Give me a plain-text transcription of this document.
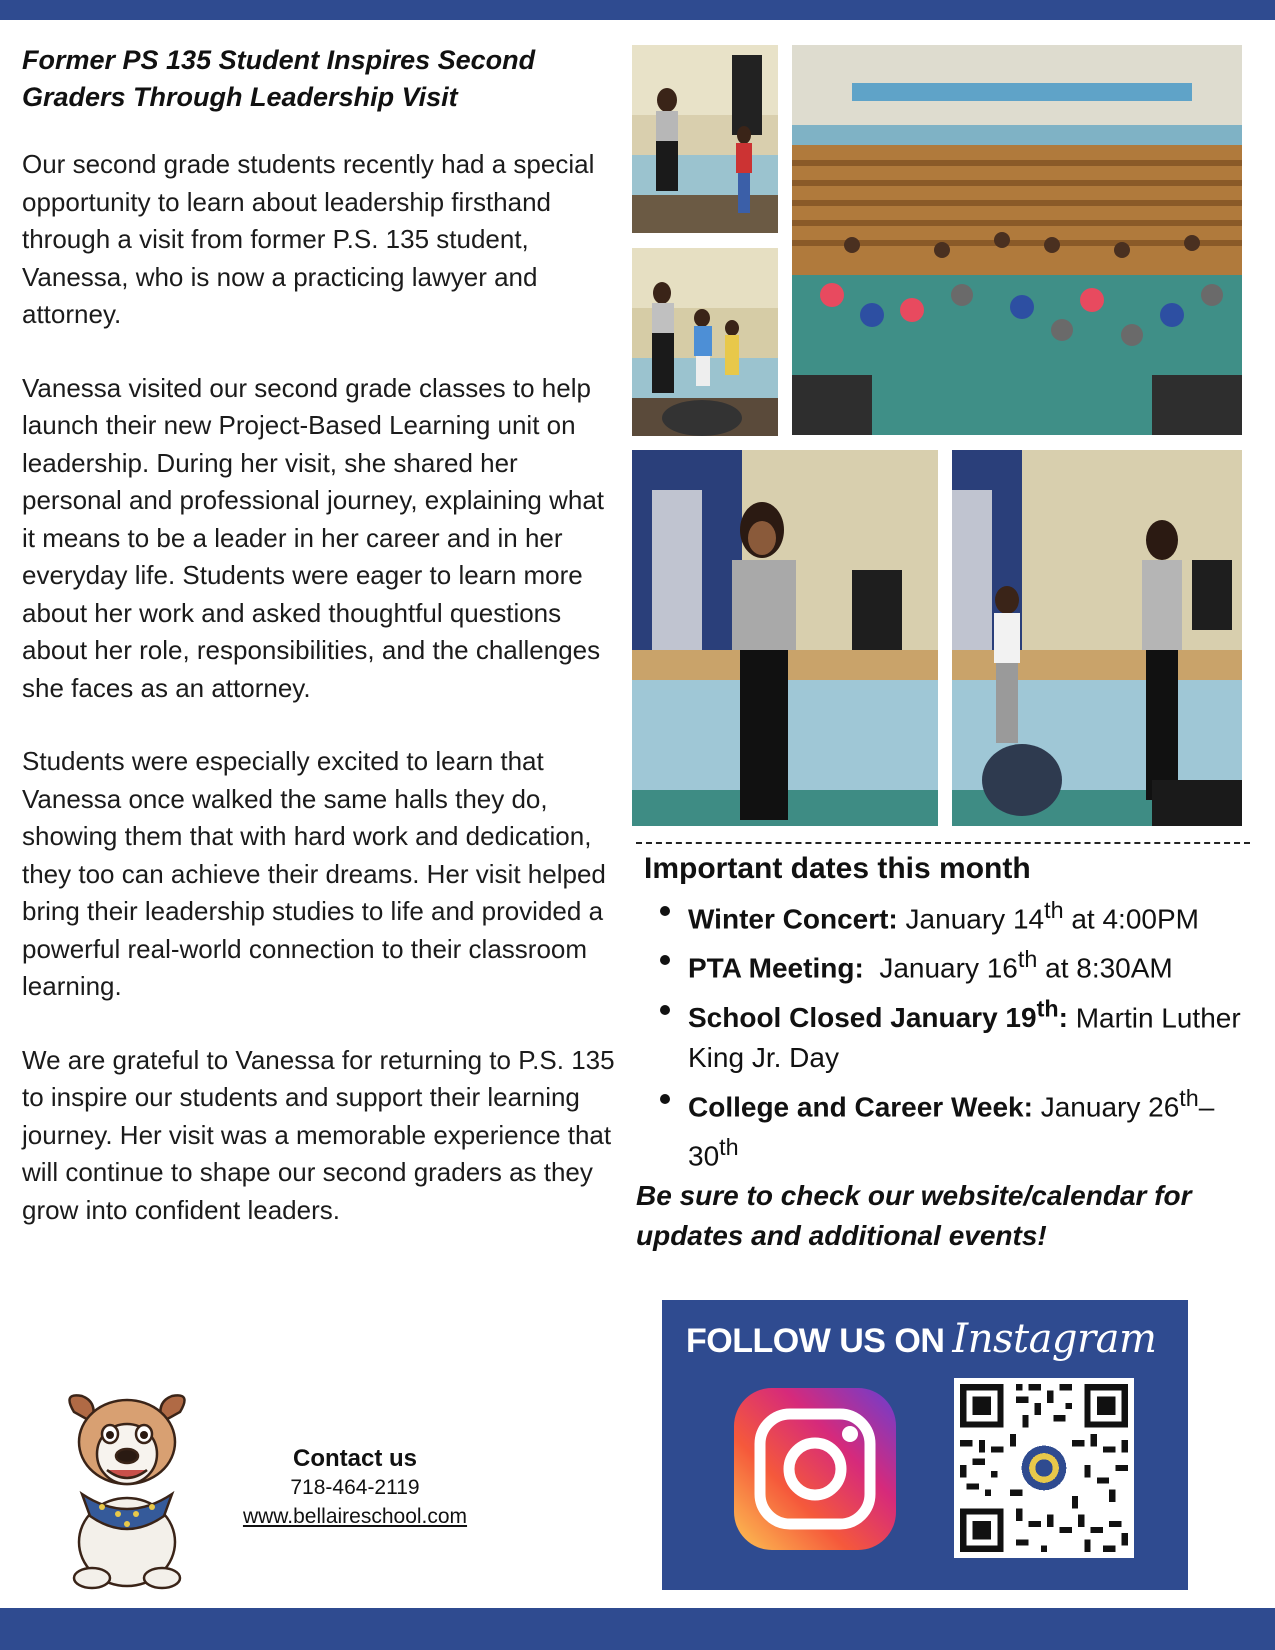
Former PS 135 Student Inspires Second
Graders Through Leadership Visit

Our second grade students recently had a special opportunity to learn about leadership firsthand through a visit from former P.S. 135 student, Vanessa, who is now a practicing lawyer and attorney.

Vanessa visited our second grade classes to help launch their new Project-Based Learning unit on leadership. During her visit, she shared her personal and professional journey, explaining what it means to be a leader in her career and in her everyday life. Students were eager to learn more about her work and asked thoughtful questions about her role, responsibilities, and the challenges she faces as an attorney.

Students were especially excited to learn that Vanessa once walked the same halls they do, showing them that with hard work and dedication, they too can achieve their dreams. Her visit helped bring their leadership studies to life and provided a powerful real-world connection to their classroom learning.

We are grateful to Vanessa for returning to P.S. 135 to inspire our students and support their learning journey. Her visit was a memorable experience that will continue to shape our second graders as they grow into confident leaders.

Important dates this month
Winter Concert: January 14th at 4:00PM
PTA Meeting:  January 16th at 8:30AM
School Closed January 19th: Martin Luther King Jr. Day
College and Career Week: January 26th– 30th

Be sure to check our website/calendar for updates and additional events!

FOLLOW US ON Instagram
Contact us
718-464-2119
www.bellaireschool.com
